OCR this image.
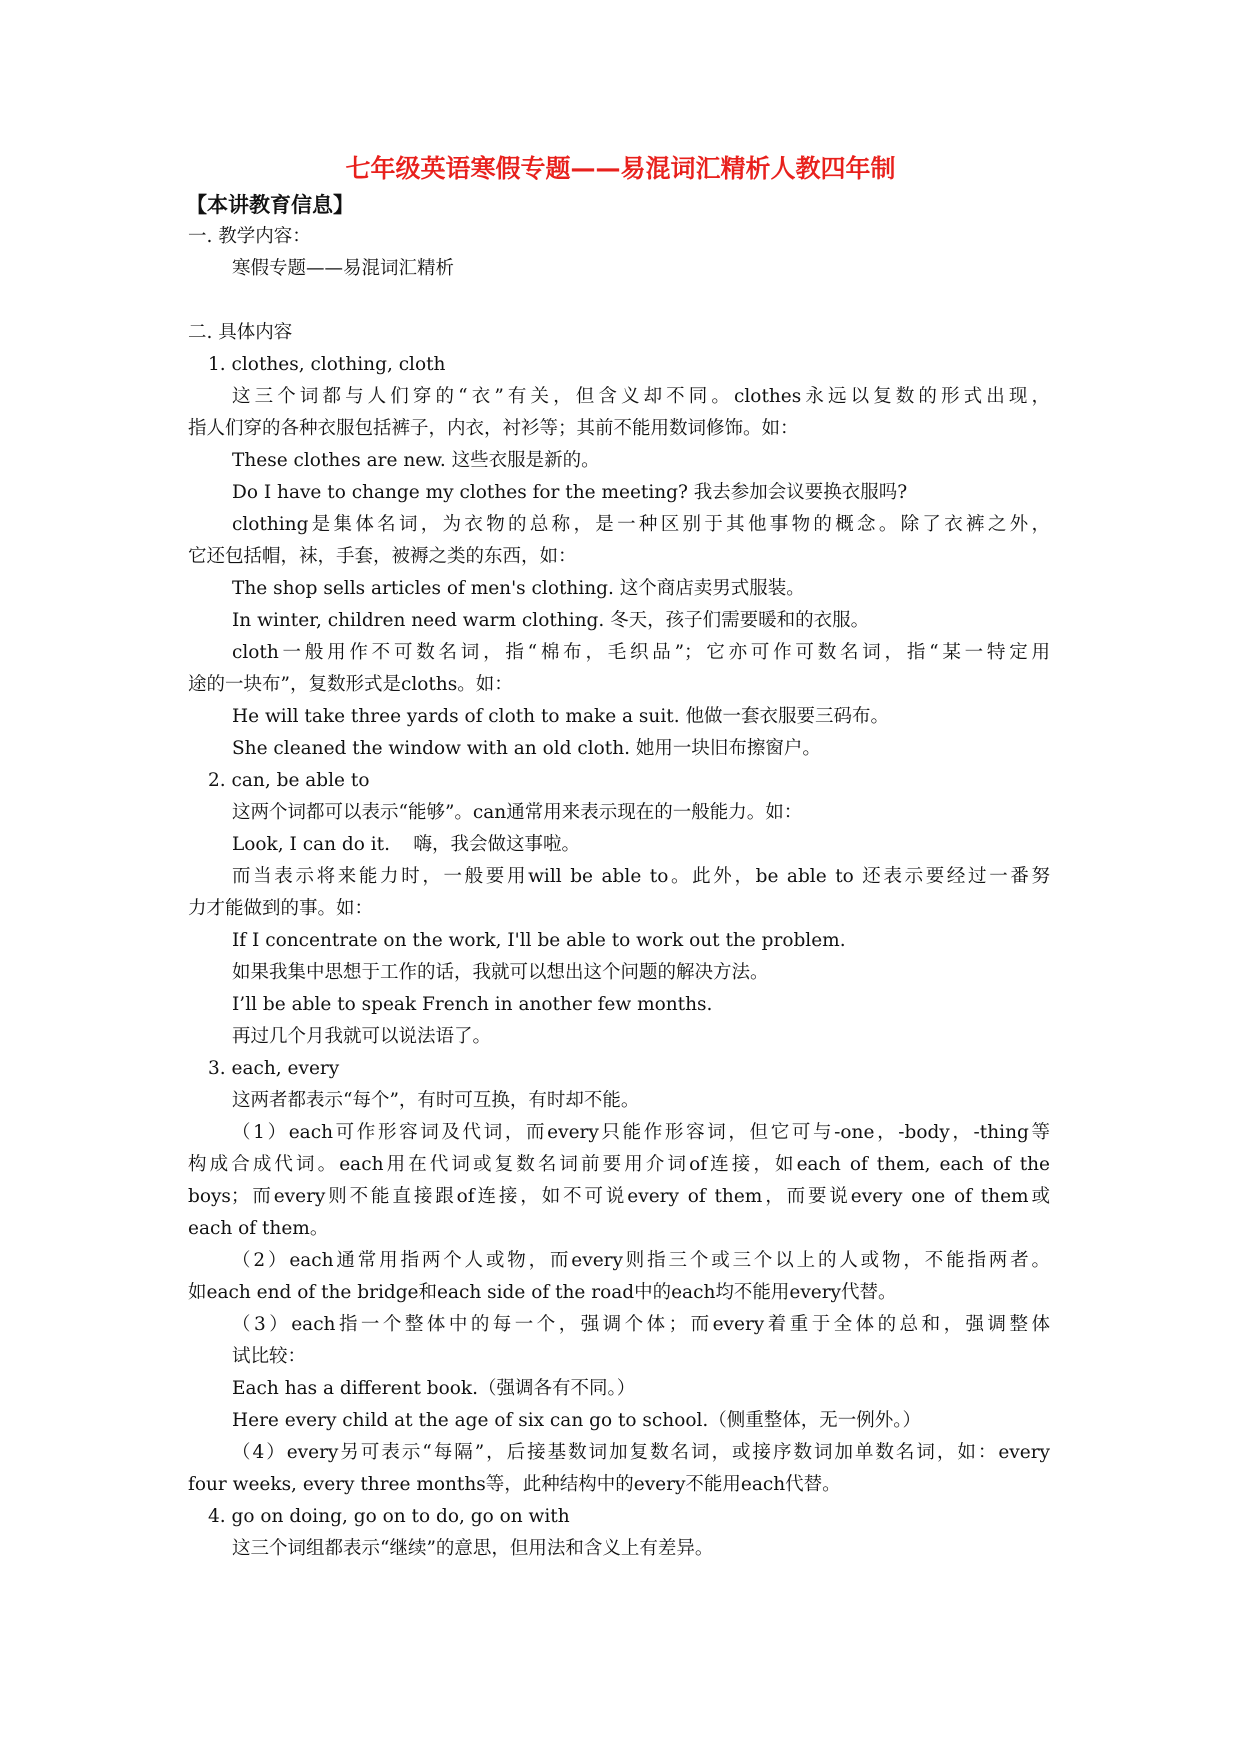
七年级英语寒假专题——易混词汇精析人教四年制
【本讲教育信息】
一. 教学内容：
寒假专题——易混词汇精析
二. 具体内容
1. clothes, clothing, cloth
这三个词都与人们穿的“衣”有关，但含义却不同。clothes永远以复数的形式出现，
指人们穿的各种衣服包括裤子，内衣，衬衫等；其前不能用数词修饰。如：
These clothes are new. 这些衣服是新的。
Do I have to change my clothes for the meeting? 我去参加会议要换衣服吗?
clothing是集体名词，为衣物的总称，是一种区别于其他事物的概念。除了衣裤之外，
它还包括帽，袜，手套，被褥之类的东西，如：
The shop sells articles of men's clothing. 这个商店卖男式服装。
In winter, children need warm clothing. 冬天，孩子们需要暖和的衣服。
cloth一般用作不可数名词，指“棉布，毛织品”；它亦可作可数名词，指“某一特定用
途的一块布”，复数形式是cloths。如：
He will take three yards of cloth to make a suit. 他做一套衣服要三码布。
She cleaned the window with an old cloth. 她用一块旧布擦窗户。
2. can, be able to
这两个词都可以表示“能够”。can通常用来表示现在的一般能力。如：
Look, I can do it.    嗨，我会做这事啦。
而当表示将来能力时，一般要用will be able to。此外，be able to 还表示要经过一番努
力才能做到的事。如：
If I concentrate on the work, I'll be able to work out the problem.
如果我集中思想于工作的话，我就可以想出这个问题的解决方法。
I’ll be able to speak French in another few months.
再过几个月我就可以说法语了。
3. each, every
这两者都表示“每个”，有时可互换，有时却不能。
（1）each可作形容词及代词，而every只能作形容词，但它可与-one，-body，-thing等
构成合成代词。each用在代词或复数名词前要用介词of连接，如each of them, each of the
boys；而every则不能直接跟of连接，如不可说every of them，而要说every one of them或
each of them。
（2）each通常用指两个人或物，而every则指三个或三个以上的人或物，不能指两者。
如each end of the bridge和each side of the road中的each均不能用every代替。
（3）each指一个整体中的每一个，强调个体；而every着重于全体的总和，强调整体
试比较：
Each has a different book.（强调各有不同。）
Here every child at the age of six can go to school.（侧重整体，无一例外。）
（4）every另可表示“每隔”，后接基数词加复数名词，或接序数词加单数名词，如：every
four weeks, every three months等，此种结构中的every不能用each代替。
4. go on doing, go on to do, go on with
这三个词组都表示“继续”的意思，但用法和含义上有差异。
